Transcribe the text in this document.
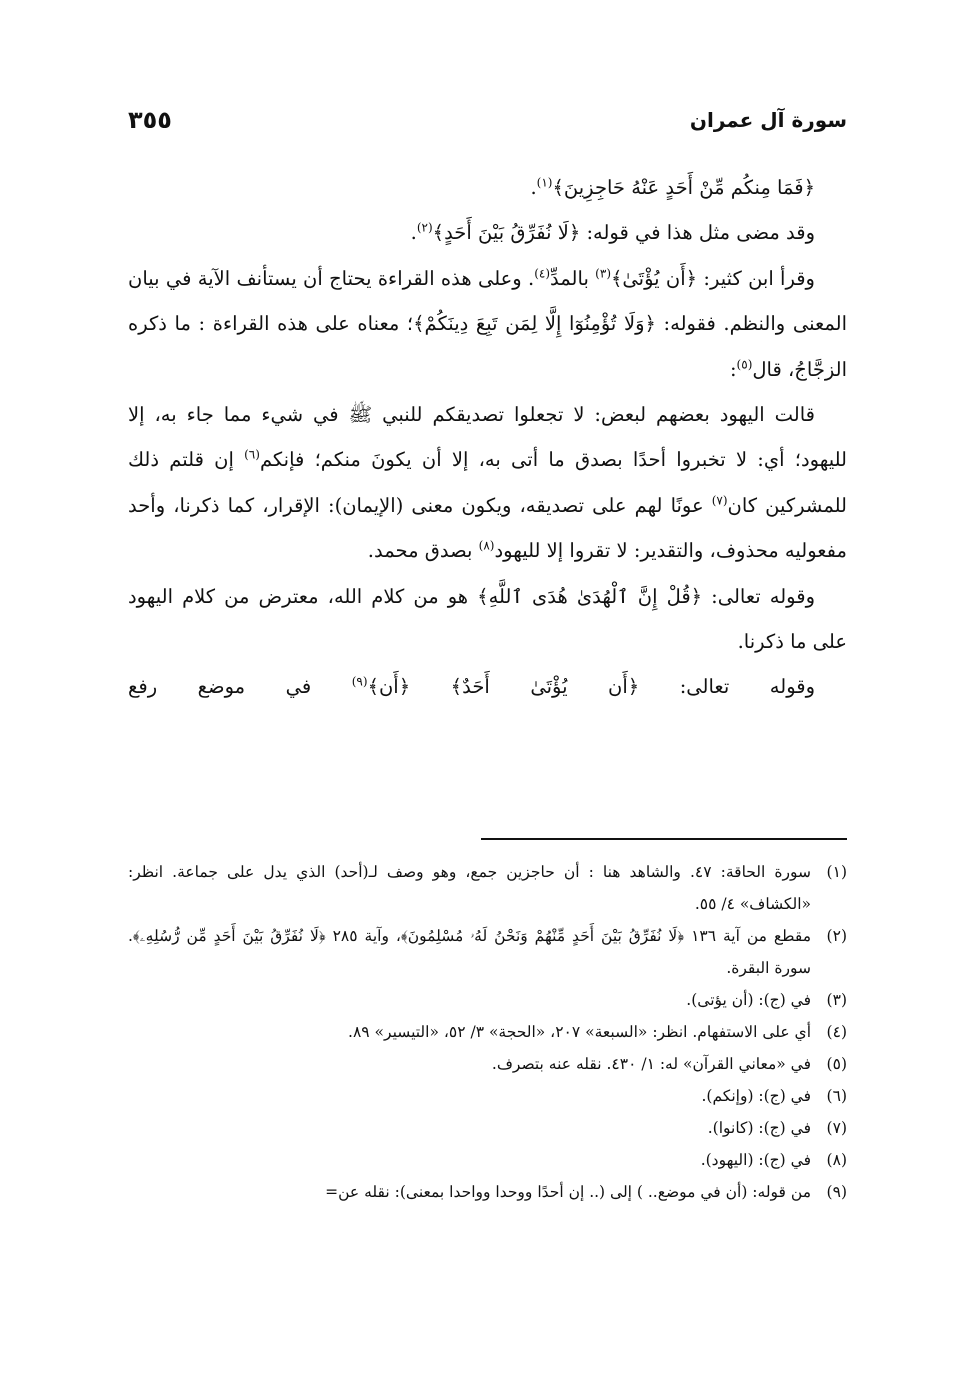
سورة آل عمران
٣٥٥

﴿فَمَا مِنكُم مِّنْ أَحَدٍ عَنْهُ حَاجِزِينَ﴾$^{(١)}$.

وقد مضى مثل هذا في قوله: ﴿لَا نُفَرِّقُ بَيْنَ أَحَدٍ﴾$^{(٢)}$.

وقرأ ابن كثير: ﴿أَن يُؤْتَىٰ﴾$^{(٣)}$ بالمدِّ$^{(٤)}$. وعلى هذه القراءة يحتاج أن يستأنف الآية في بيان المعنى والنظم. فقوله: ﴿وَلَا تُؤْمِنُوٓا إِلَّا لِمَن تَبِعَ دِينَكُمْ﴾؛ معناه على هذه القراءة : ما ذكره الزجَّاجُ، قال$^{(٥)}$:

قالت اليهود بعضهم لبعض: لا تجعلوا تصديقكم للنبي ﷺ في شيء مما جاء به، إلا لليهود؛ أي: لا تخبروا أحدًا بصدق ما أتى به، إلا أن يكونَ منكم؛ فإنكم$^{(٦)}$ إن قلتم ذلك للمشركين كان$^{(٧)}$ عونًا لهم على تصديقه، ويكون معنى (الإيمان): الإقرار، كما ذكرنا، وأحد مفعوليه محذوف، والتقدير: لا تقروا إلا لليهود$^{(٨)}$ بصدق محمد.

وقوله تعالى: ﴿قُلْ إِنَّ ٱلْهُدَىٰ هُدَى ٱللَّهِ﴾ هو من كلام الله، معترض من كلام اليهود على ما ذكرنا.

وقوله تعالى: ﴿أَن يُؤْتَىٰ أَحَدٌ﴾ ﴿أَن﴾$^{(٩)}$ في موضع رفع

(١)
سورة الحاقة: ٤٧. والشاهد هنا : أن حاجزين جمع، وهو وصف لـ(أحد) الذي يدل على جماعة. انظر: «الكشاف» ٤/ ٥٥.
(٢)
مقطع من آية ١٣٦ ﴿لَا نُفَرِّقُ بَيْنَ أَحَدٍ مِّنْهُمْ وَنَحْنُ لَهُۥ مُسْلِمُونَ﴾، وآية ٢٨٥ ﴿لَا نُفَرِّقُ بَيْنَ أَحَدٍ مِّن رُّسُلِهِۦ﴾. سورة البقرة.
(٣)
في (ج): (أن يؤتى).
(٤)
أي على الاستفهام. انظر: «السبعة» ٢٠٧، «الحجة» ٣/ ٥٢، «التيسير» ٨٩.
(٥)
في «معاني القرآن» له: ١/ ٤٣٠. نقله عنه بتصرف.
(٦)
في (ج): (وإنكم).
(٧)
في (ج): (كانوا).
(٨)
في (ج): (اليهود).
(٩)
من قوله: (أن في موضع.. ) إلى (.. إن أحدًا ووحدا وواحدا بمعنى): نقله عن=
